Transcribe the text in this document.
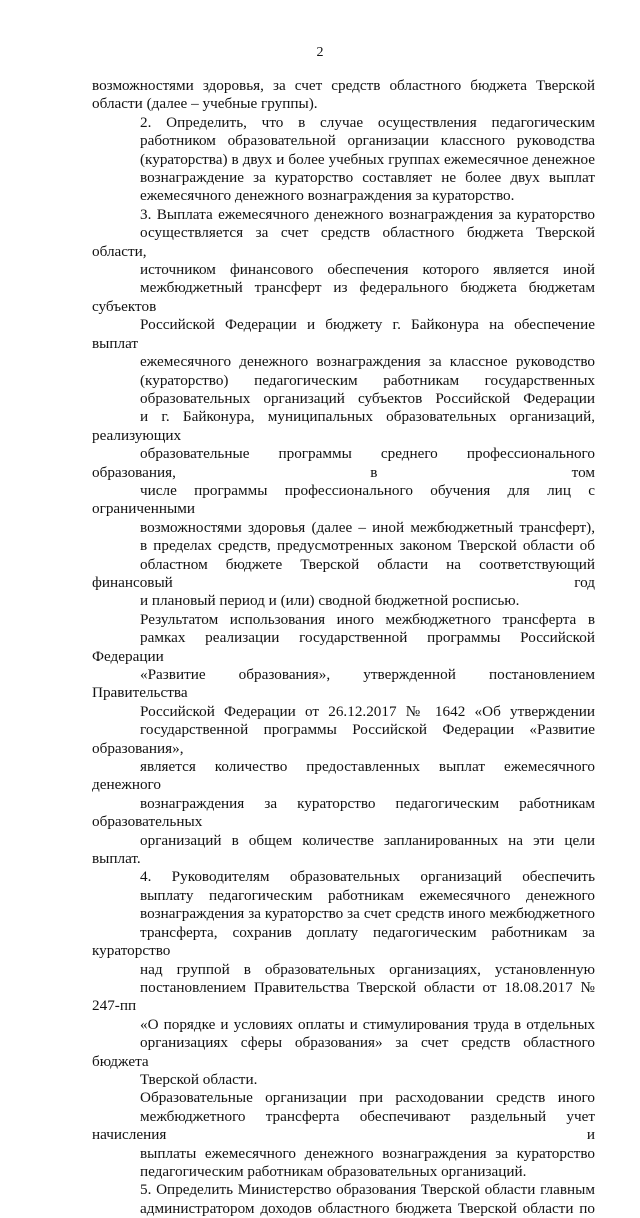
2

возможностями здоровья, за счет средств областного бюджета Тверской
области (далее – учебные группы).

2. Определить, что в случае осуществления педагогическим
работником образовательной организации классного руководства
(кураторства) в двух и более учебных группах ежемесячное денежное
вознаграждение за кураторство составляет не более двух выплат
ежемесячного денежного вознаграждения за кураторство.

3. Выплата ежемесячного денежного вознаграждения за кураторство
осуществляется за счет средств областного бюджета Тверской области,
источником финансового обеспечения которого является иной
межбюджетный трансферт из федерального бюджета бюджетам субъектов
Российской Федерации и бюджету г. Байконура на обеспечение выплат
ежемесячного денежного вознаграждения за классное руководство
(кураторство) педагогическим работникам государственных
образовательных организаций субъектов Российской Федерации
и г. Байконура, муниципальных образовательных организаций, реализующих
образовательные программы среднего профессионального образования, в том
числе программы профессионального обучения для лиц с ограниченными
возможностями здоровья (далее – иной межбюджетный трансферт),
в пределах средств, предусмотренных законом Тверской области об
областном бюджете Тверской области на соответствующий финансовый год
и плановый период и (или) сводной бюджетной росписью.

Результатом использования иного межбюджетного трансферта в
рамках реализации государственной программы Российской Федерации
«Развитие образования», утвержденной постановлением Правительства
Российской Федерации от 26.12.2017 № 1642 «Об утверждении
государственной программы Российской Федерации «Развитие образования»,
является количество предоставленных выплат ежемесячного денежного
вознаграждения за кураторство педагогическим работникам образовательных
организаций в общем количестве запланированных на эти цели выплат.

4. Руководителям образовательных организаций обеспечить
выплату педагогическим работникам ежемесячного денежного
вознаграждения за кураторство за счет средств иного межбюджетного
трансферта, сохранив доплату педагогическим работникам за кураторство
над группой в образовательных организациях, установленную
постановлением Правительства Тверской области от 18.08.2017 № 247-пп
«О порядке и условиях оплаты и стимулирования труда в отдельных
организациях сферы образования» за счет средств областного бюджета
Тверской области.

Образовательные организации при расходовании средств иного
межбюджетного трансферта обеспечивают раздельный учет начисления и
выплаты ежемесячного денежного вознаграждения за кураторство
педагогическим работникам образовательных организаций.

5. Определить Министерство образования Тверской области главным
администратором доходов областного бюджета Тверской области по
